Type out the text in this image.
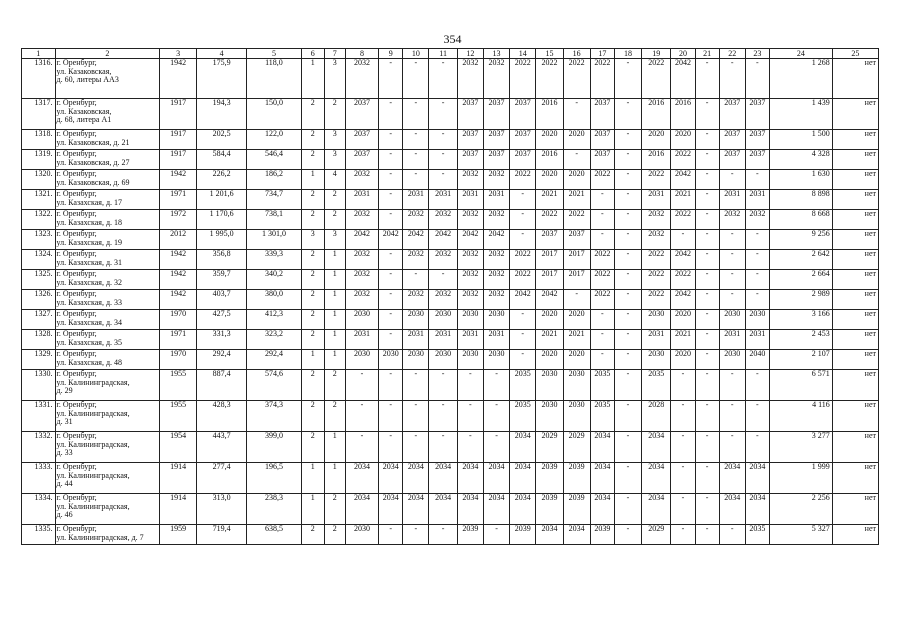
354
1	2	3	4	5	6	7	8	9	10	11	12	13	14	15	16	17	18	19	20	21	22	23	24	25
1316.	г. Оренбург,
ул. Казаковская,
д. 60, литеры АА3	1942	175,9	118,0	1	3	2032	-	-	-	2032	2032	2022	2022	2022	2022	-	2022	2042	-	-	-	1 268	нет
1317.	г. Оренбург,
ул. Казаковская,
д. 68, литера А1	1917	194,3	150,0	2	2	2037	-	-	-	2037	2037	2037	2016	-	2037	-	2016	2016	-	2037	2037	1 439	нет
1318.	г. Оренбург,
ул. Казаковская, д. 21	1917	202,5	122,0	2	3	2037	-	-	-	2037	2037	2037	2020	2020	2037	-	2020	2020	-	2037	2037	1 500	нет
1319.	г. Оренбург,
ул. Казаковская, д. 27	1917	584,4	546,4	2	3	2037	-	-	-	2037	2037	2037	2016	-	2037	-	2016	2022	-	2037	2037	4 328	нет
1320.	г. Оренбург,
ул. Казаковская, д. 69	1942	226,2	186,2	1	4	2032	-	-	-	2032	2032	2022	2020	2020	2022	-	2022	2042	-	-	-	1 630	нет
1321.	г. Оренбург,
ул. Казахская, д. 17	1971	1 201,6	734,7	2	2	2031	-	2031	2031	2031	2031	-	2021	2021	-	-	2031	2021	-	2031	2031	8 898	нет
1322.	г. Оренбург,
ул. Казахская, д. 18	1972	1 170,6	738,1	2	2	2032	-	2032	2032	2032	2032	-	2022	2022	-	-	2032	2022	-	2032	2032	8 668	нет
1323.	г. Оренбург,
ул. Казахская, д. 19	2012	1 995,0	1 301,0	3	3	2042	2042	2042	2042	2042	2042	-	2037	2037	-	-	2032	-	-	-	-	9 256	нет
1324.	г. Оренбург,
ул. Казахская, д. 31	1942	356,8	339,3	2	1	2032	-	2032	2032	2032	2032	2022	2017	2017	2022	-	2022	2042	-	-	-	2 642	нет
1325.	г. Оренбург,
ул. Казахская, д. 32	1942	359,7	340,2	2	1	2032	-	-	-	2032	2032	2022	2017	2017	2022	-	2022	2022	-	-	-	2 664	нет
1326.	г. Оренбург,
ул. Казахская, д. 33	1942	403,7	380,0	2	1	2032	-	2032	2032	2032	2032	2042	2042	-	2022	-	2022	2042	-	-	-	2 989	нет
1327.	г. Оренбург,
ул. Казахская, д. 34	1970	427,5	412,3	2	1	2030	-	2030	2030	2030	2030	-	2020	2020	-	-	2030	2020	-	2030	2030	3 166	нет
1328.	г. Оренбург,
ул. Казахская, д. 35	1971	331,3	323,2	2	1	2031	-	2031	2031	2031	2031	-	2021	2021	-	-	2031	2021	-	2031	2031	2 453	нет
1329.	г. Оренбург,
ул. Казахская, д. 48	1970	292,4	292,4	1	1	2030	2030	2030	2030	2030	2030	-	2020	2020	-	-	2030	2020	-	2030	2040	2 107	нет
1330.	г. Оренбург,
ул. Калининградская,
д. 29	1955	887,4	574,6	2	2	-	-	-	-	-	-	2035	2030	2030	2035	-	2035	-	-	-	-	6 571	нет
1331.	г. Оренбург,
ул. Калининградская,
д. 31	1955	428,3	374,3	2	2	-	-	-	-	-	-	2035	2030	2030	2035	-	2028	-	-	-	-	4 116	нет
1332.	г. Оренбург,
ул. Калининградская,
д. 33	1954	443,7	399,0	2	1	-	-	-	-	-	-	2034	2029	2029	2034	-	2034	-	-	-	-	3 277	нет
1333.	г. Оренбург,
ул. Калининградская,
д. 44	1914	277,4	196,5	1	1	2034	2034	2034	2034	2034	2034	2034	2039	2039	2034	-	2034	-	-	2034	2034	1 999	нет
1334.	г. Оренбург,
ул. Калининградская,
д. 46	1914	313,0	238,3	1	2	2034	2034	2034	2034	2034	2034	2034	2039	2039	2034	-	2034	-	-	2034	2034	2 256	нет
1335.	г. Оренбург,
ул. Калининградская, д. 7	1959	719,4	638,5	2	2	2030	-	-	-	2039	-	2039	2034	2034	2039	-	2029	-	-	-	2035	5 327	нет
